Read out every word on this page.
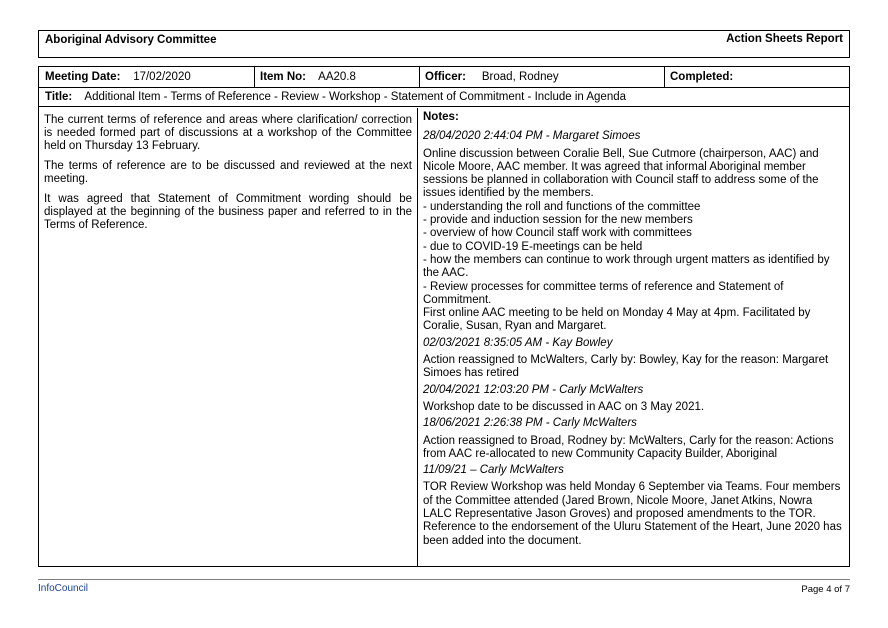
Aboriginal Advisory Committee	Action Sheets Report
Meeting Date: 17/02/2020	Item No: AA20.8	Officer: Broad, Rodney	Completed:
Title: Additional Item - Terms of Reference - Review - Workshop - Statement of Commitment - Include in Agenda

The current terms of reference and areas where clarification/ correction is needed formed part of discussions at a workshop of the Committee held on Thursday 13 February.

The terms of reference are to be discussed and reviewed at the next meeting.

It was agreed that Statement of Commitment wording should be displayed at the beginning of the business paper and referred to in the Terms of Reference.

Notes:
28/04/2020 2:44:04 PM - Margaret Simoes
Online discussion between Coralie Bell, Sue Cutmore (chairperson, AAC) and Nicole Moore, AAC member. It was agreed that informal Aboriginal member sessions be planned in collaboration with Council staff to address some of the issues identified by the members.
- understanding the roll and functions of the committee
- provide and induction session for the new members
- overview of how Council staff work with committees
- due to COVID-19 E-meetings can be held
- how the members can continue to work through urgent matters as identified by the AAC.
- Review processes for committee terms of reference and Statement of Commitment.
First online AAC meeting to be held on Monday 4 May at 4pm. Facilitated by Coralie, Susan, Ryan and Margaret.
02/03/2021 8:35:05 AM - Kay Bowley
Action reassigned to McWalters, Carly by: Bowley, Kay for the reason: Margaret Simoes has retired
20/04/2021 12:03:20 PM - Carly McWalters
Workshop date to be discussed in AAC on 3 May 2021.
18/06/2021 2:26:38 PM - Carly McWalters
Action reassigned to Broad, Rodney by: McWalters, Carly for the reason: Actions from AAC re-allocated to new Community Capacity Builder, Aboriginal
11/09/21 – Carly McWalters
TOR Review Workshop was held Monday 6 September via Teams. Four members of the Committee attended (Jared Brown, Nicole Moore, Janet Atkins, Nowra LALC Representative Jason Groves) and proposed amendments to the TOR. Reference to the endorsement of the Uluru Statement of the Heart, June 2020 has been added into the document.
InfoCouncil	Page 4 of 7
